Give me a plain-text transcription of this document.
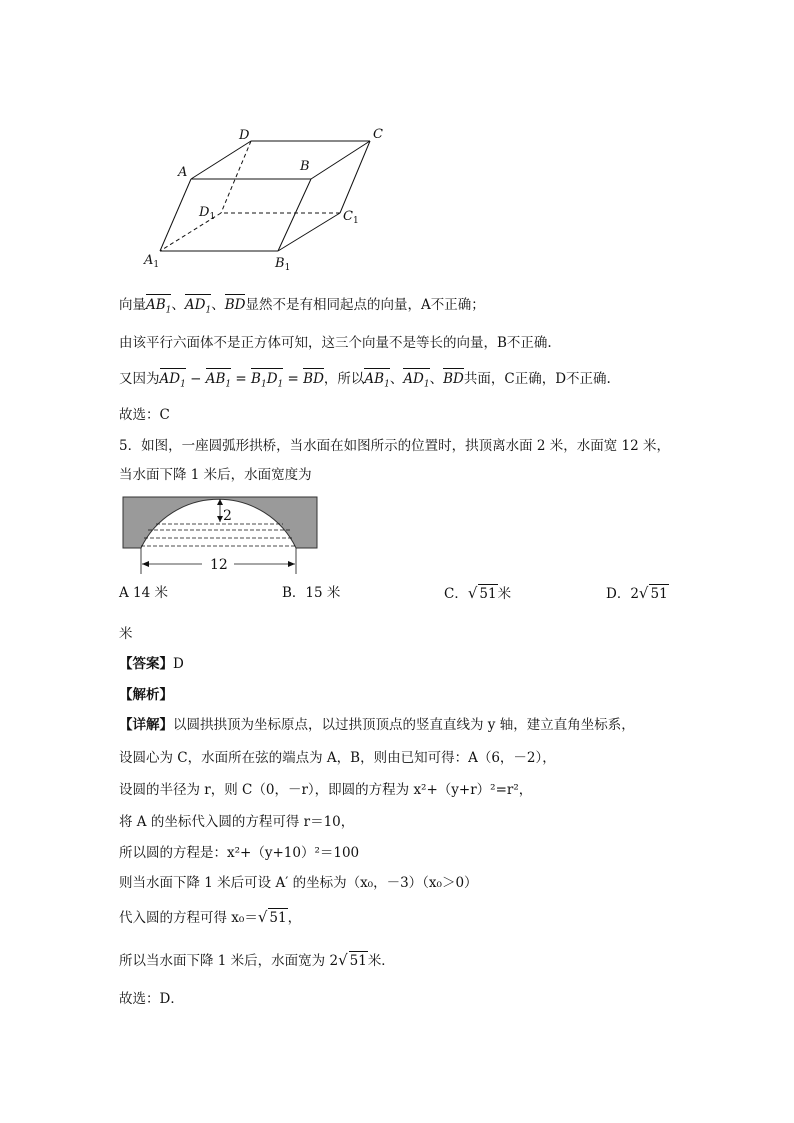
A	B
C
D
$D_1$	$C_1$
$A_1$	$B_1$
向量$AB_1$、$AD_1$、BD显然不是有相同起点的向量，A不正确；
由该平行六面体不是正方体可知，这三个向量不是等长的向量，B不正确.
又因为$AD_1 - AB_1 = B_1D_1$ = BD，所以$AB_1$、$AD_1$、BD共面，C正确，D不正确.
故选：C
5．如图，一座圆弧形拱桥，当水面在如图所示的位置时，拱顶离水面 2 米，水面宽 12 米，
当水面下降 1 米后，水面宽度为
2
12
A 14 米	B．15 米	C．√ 51米	D．2√ 51
米
【答案】D
【解析】
【详解】以圆拱拱顶为坐标原点，以过拱顶顶点的竖直直线为 y 轴，建立直角坐标系，
设圆心为 C，水面所在弦的端点为 A，B，则由已知可得：A（6，－2），
设圆的半径为 r，则 C（0，－r），即圆的方程为 x²+（y+r）²=r²，
将 A 的坐标代入圆的方程可得 r＝10，
所以圆的方程是：x²+（y+10）²＝100
则当水面下降 1 米后可设 A′ 的坐标为（x₀，－3）（x₀＞0）
代入圆的方程可得 x₀＝√ 51，
所以当水面下降 1 米后，水面宽为 2√ 51米．
故选：D．
